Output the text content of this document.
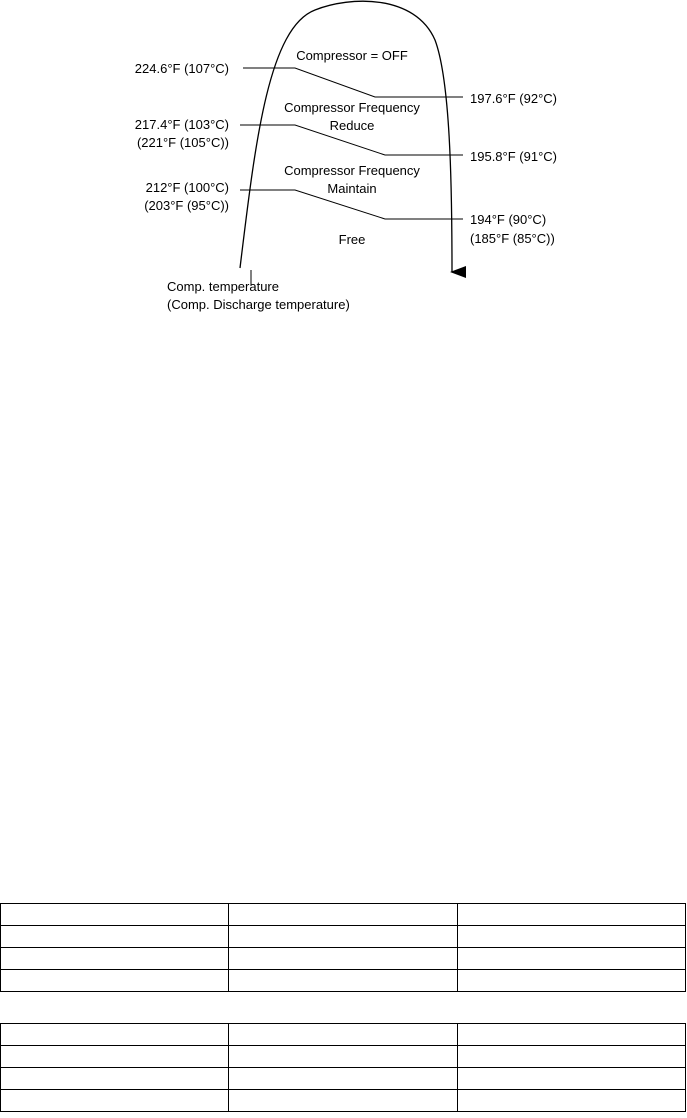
Compressor = OFF
Compressor Frequency
Reduce
Compressor Frequency
Maintain
Free
224.6°F (107°C)
217.4°F (103°C)
(221°F (105°C))
212°F (100°C)
(203°F (95°C))
197.6°F (92°C)
195.8°F (91°C)
194°F (90°C)
(185°F (85°C))
Comp. temperature
(Comp. Discharge temperature)
